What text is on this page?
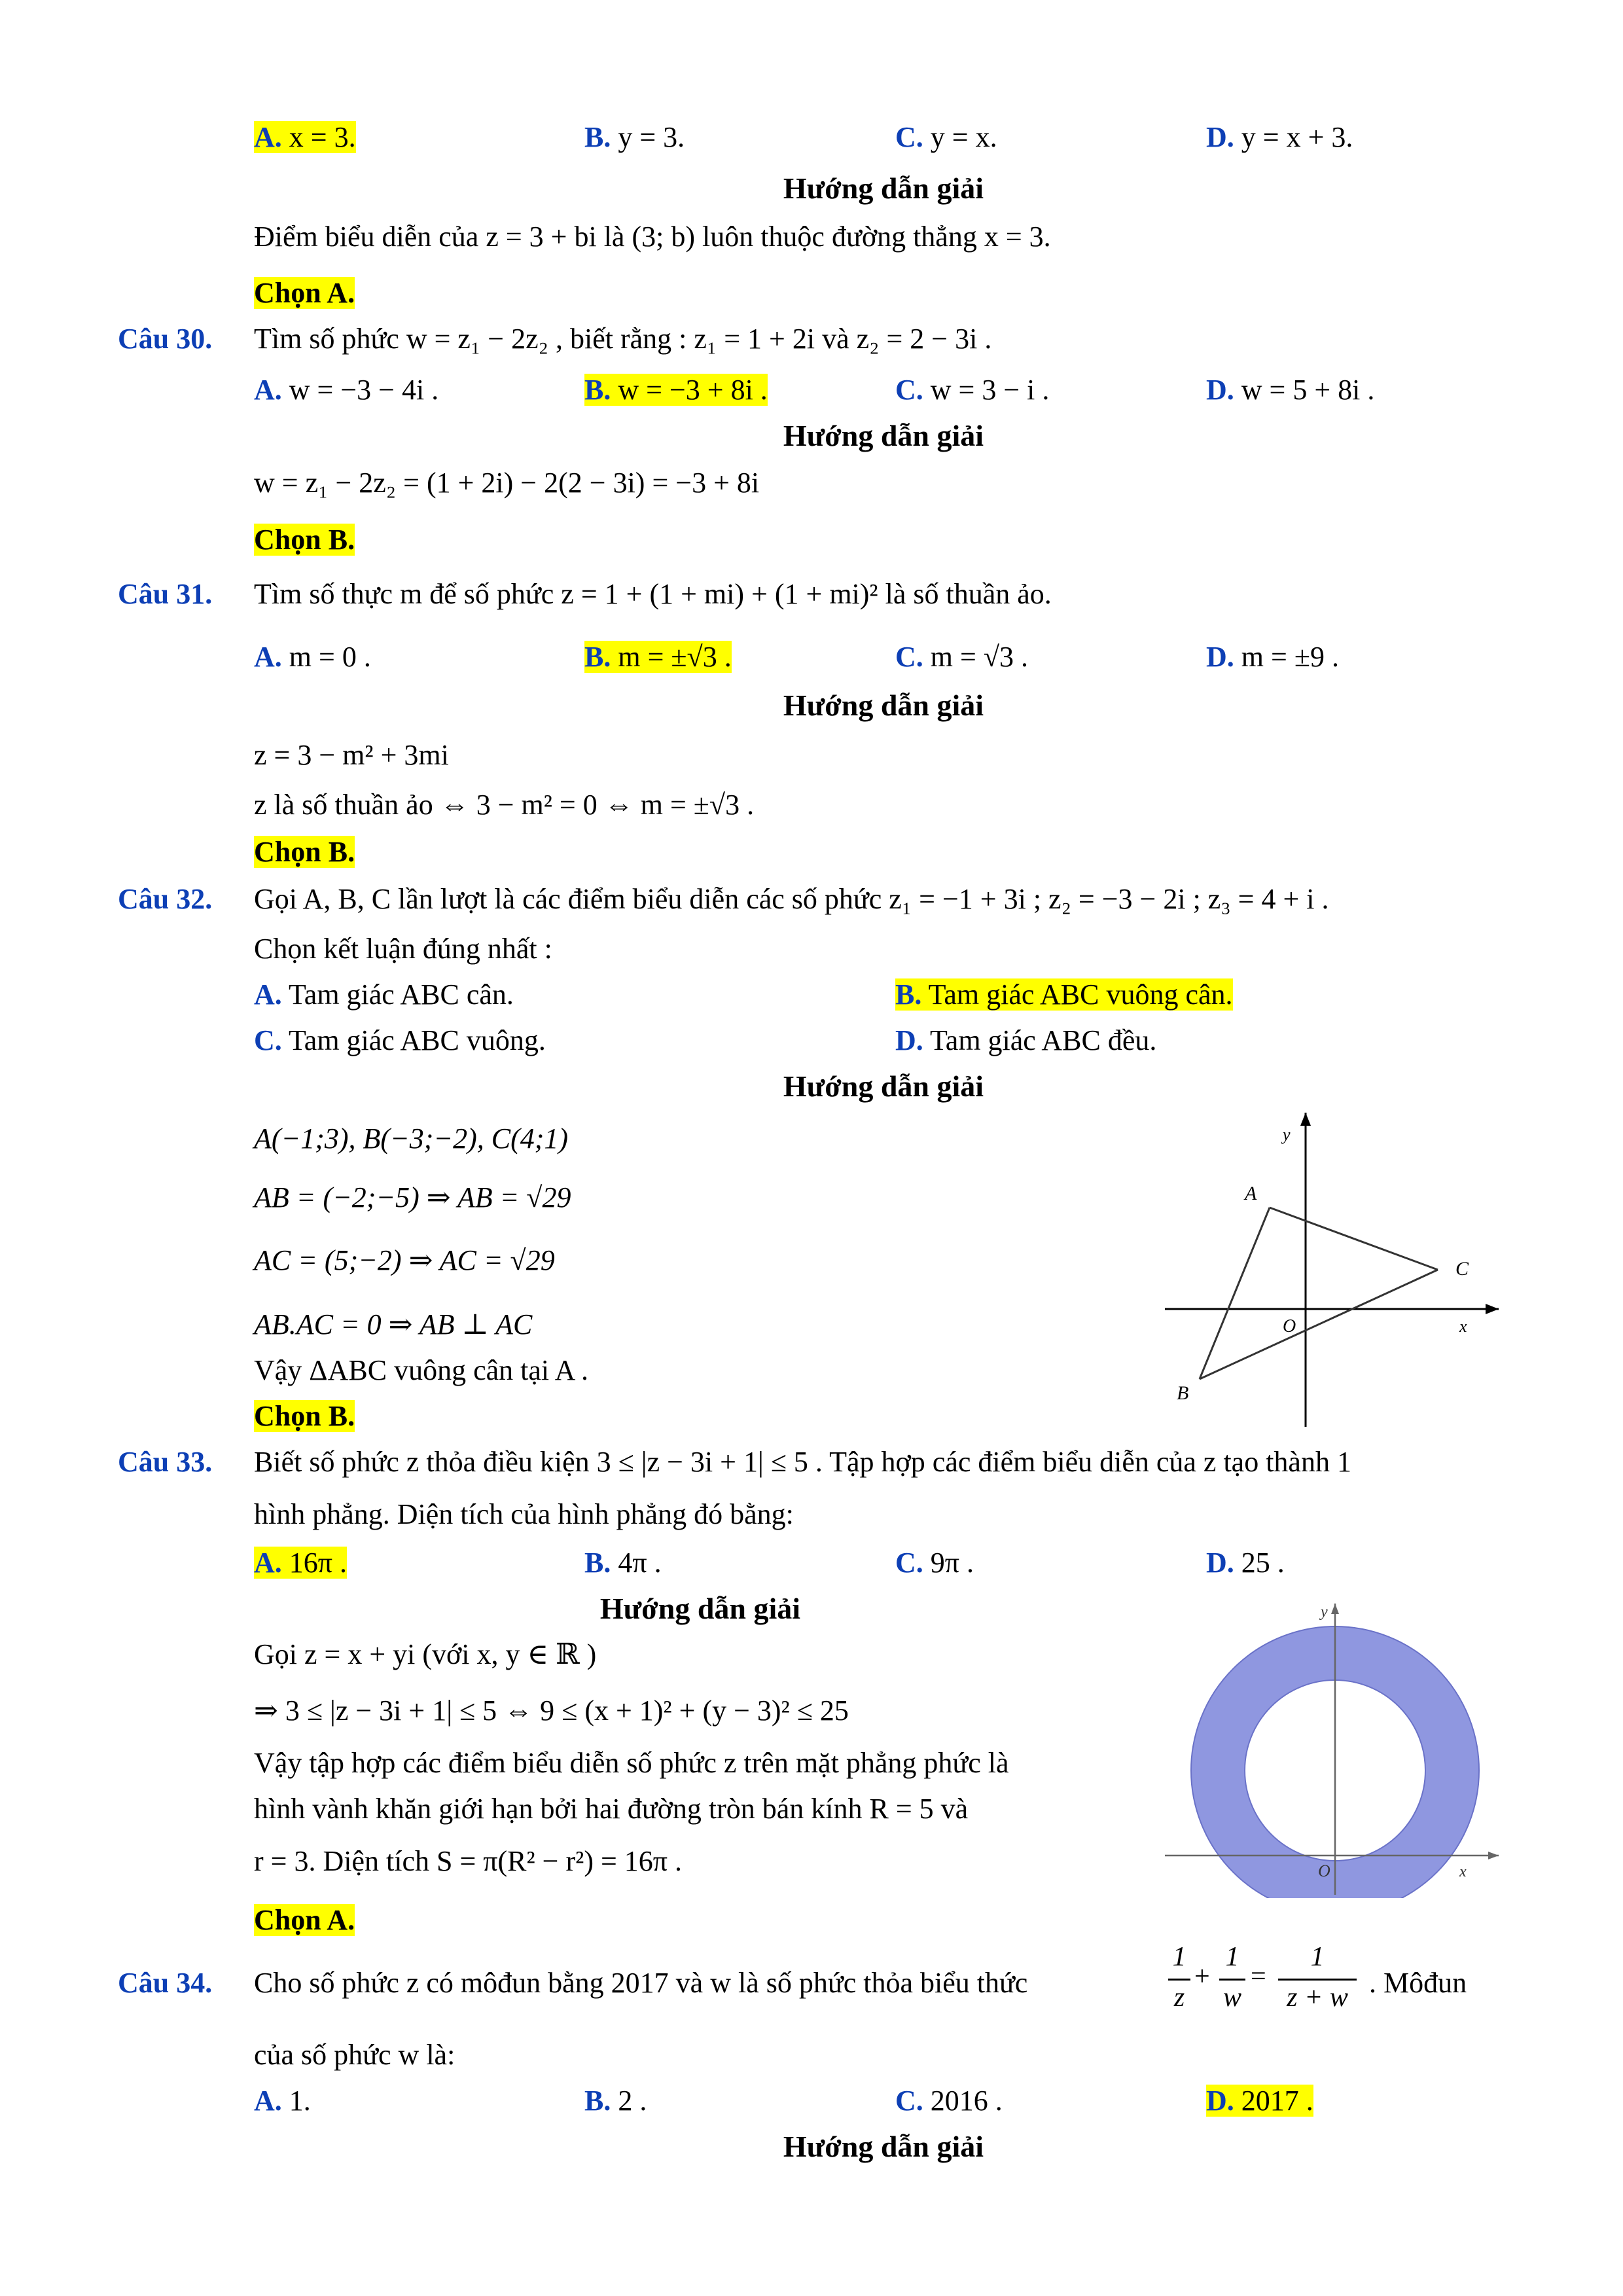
A. x = 3.	B. y = 3.	C. y = x.	D. y = x + 3.
Hướng dẫn giải
Điểm biểu diễn của z = 3 + bi là (3; b) luôn thuộc đường thẳng x = 3.
Chọn A.
Câu 30. Tìm số phức w = z₁ − 2z₂ , biết rằng : z₁ = 1 + 2i và z₂ = 2 − 3i .
A. w = −3 − 4i .	B. w = −3 + 8i .	C. w = 3 − i .	D. w = 5 + 8i .
Hướng dẫn giải
w = z₁ − 2z₂ = (1 + 2i) − 2(2 − 3i) = −3 + 8i
Chọn B.
Câu 31. Tìm số thực m để số phức z = 1 + (1 + mi) + (1 + mi)² là số thuần ảo.
A. m = 0 .	B. m = ±√3 .	C. m = √3 .	D. m = ±9 .
Hướng dẫn giải
z = 3 − m² + 3mi
z là số thuần ảo ⇔ 3 − m² = 0 ⇔ m = ±√3 .
Chọn B.
Câu 32. Gọi A, B, C lần lượt là các điểm biểu diễn các số phức z₁ = −1 + 3i ; z₂ = −3 − 2i ; z₃ = 4 + i .
Chọn kết luận đúng nhất :
A. Tam giác ABC cân.	B. Tam giác ABC vuông cân.
C. Tam giác ABC vuông.	D. Tam giác ABC đều.
Hướng dẫn giải
A(−1;3), B(−3;−2), C(4;1)
AB = (−2;−5) ⇒ AB = √29
AC = (5;−2) ⇒ AC = √29
AB.AC = 0 ⇒ AB ⊥ AC
Vậy ΔABC vuông cân tại A .
Chọn B.
A
B
C
O	x
y
Câu 33. Biết số phức z thỏa điều kiện 3 ≤ |z − 3i + 1| ≤ 5 . Tập hợp các điểm biểu diễn của z tạo thành 1
hình phẳng. Diện tích của hình phẳng đó bằng:
A. 16π .	B. 4π .	C. 9π .	D. 25 .
Hướng dẫn giải
Gọi z = x + yi (với x, y ∈ ℝ )
⇒ 3 ≤ |z − 3i + 1| ≤ 5 ⇔ 9 ≤ (x + 1)² + (y − 3)² ≤ 25
Vậy tập hợp các điểm biểu diễn số phức z trên mặt phẳng phức là
hình vành khăn giới hạn bởi hai đường tròn bán kính R = 5 và
r = 3. Diện tích S = π(R² − r²) = 16π .
Chọn A.
O	x
y
Câu 34. Cho số phức z có môđun bằng 2017 và w là số phức thỏa biểu thức
1
z
+
1
w
=
1
z + w . Môđun
của số phức w là:
A. 1.	B. 2 .	C. 2016 .	D. 2017 .
Hướng dẫn giải
